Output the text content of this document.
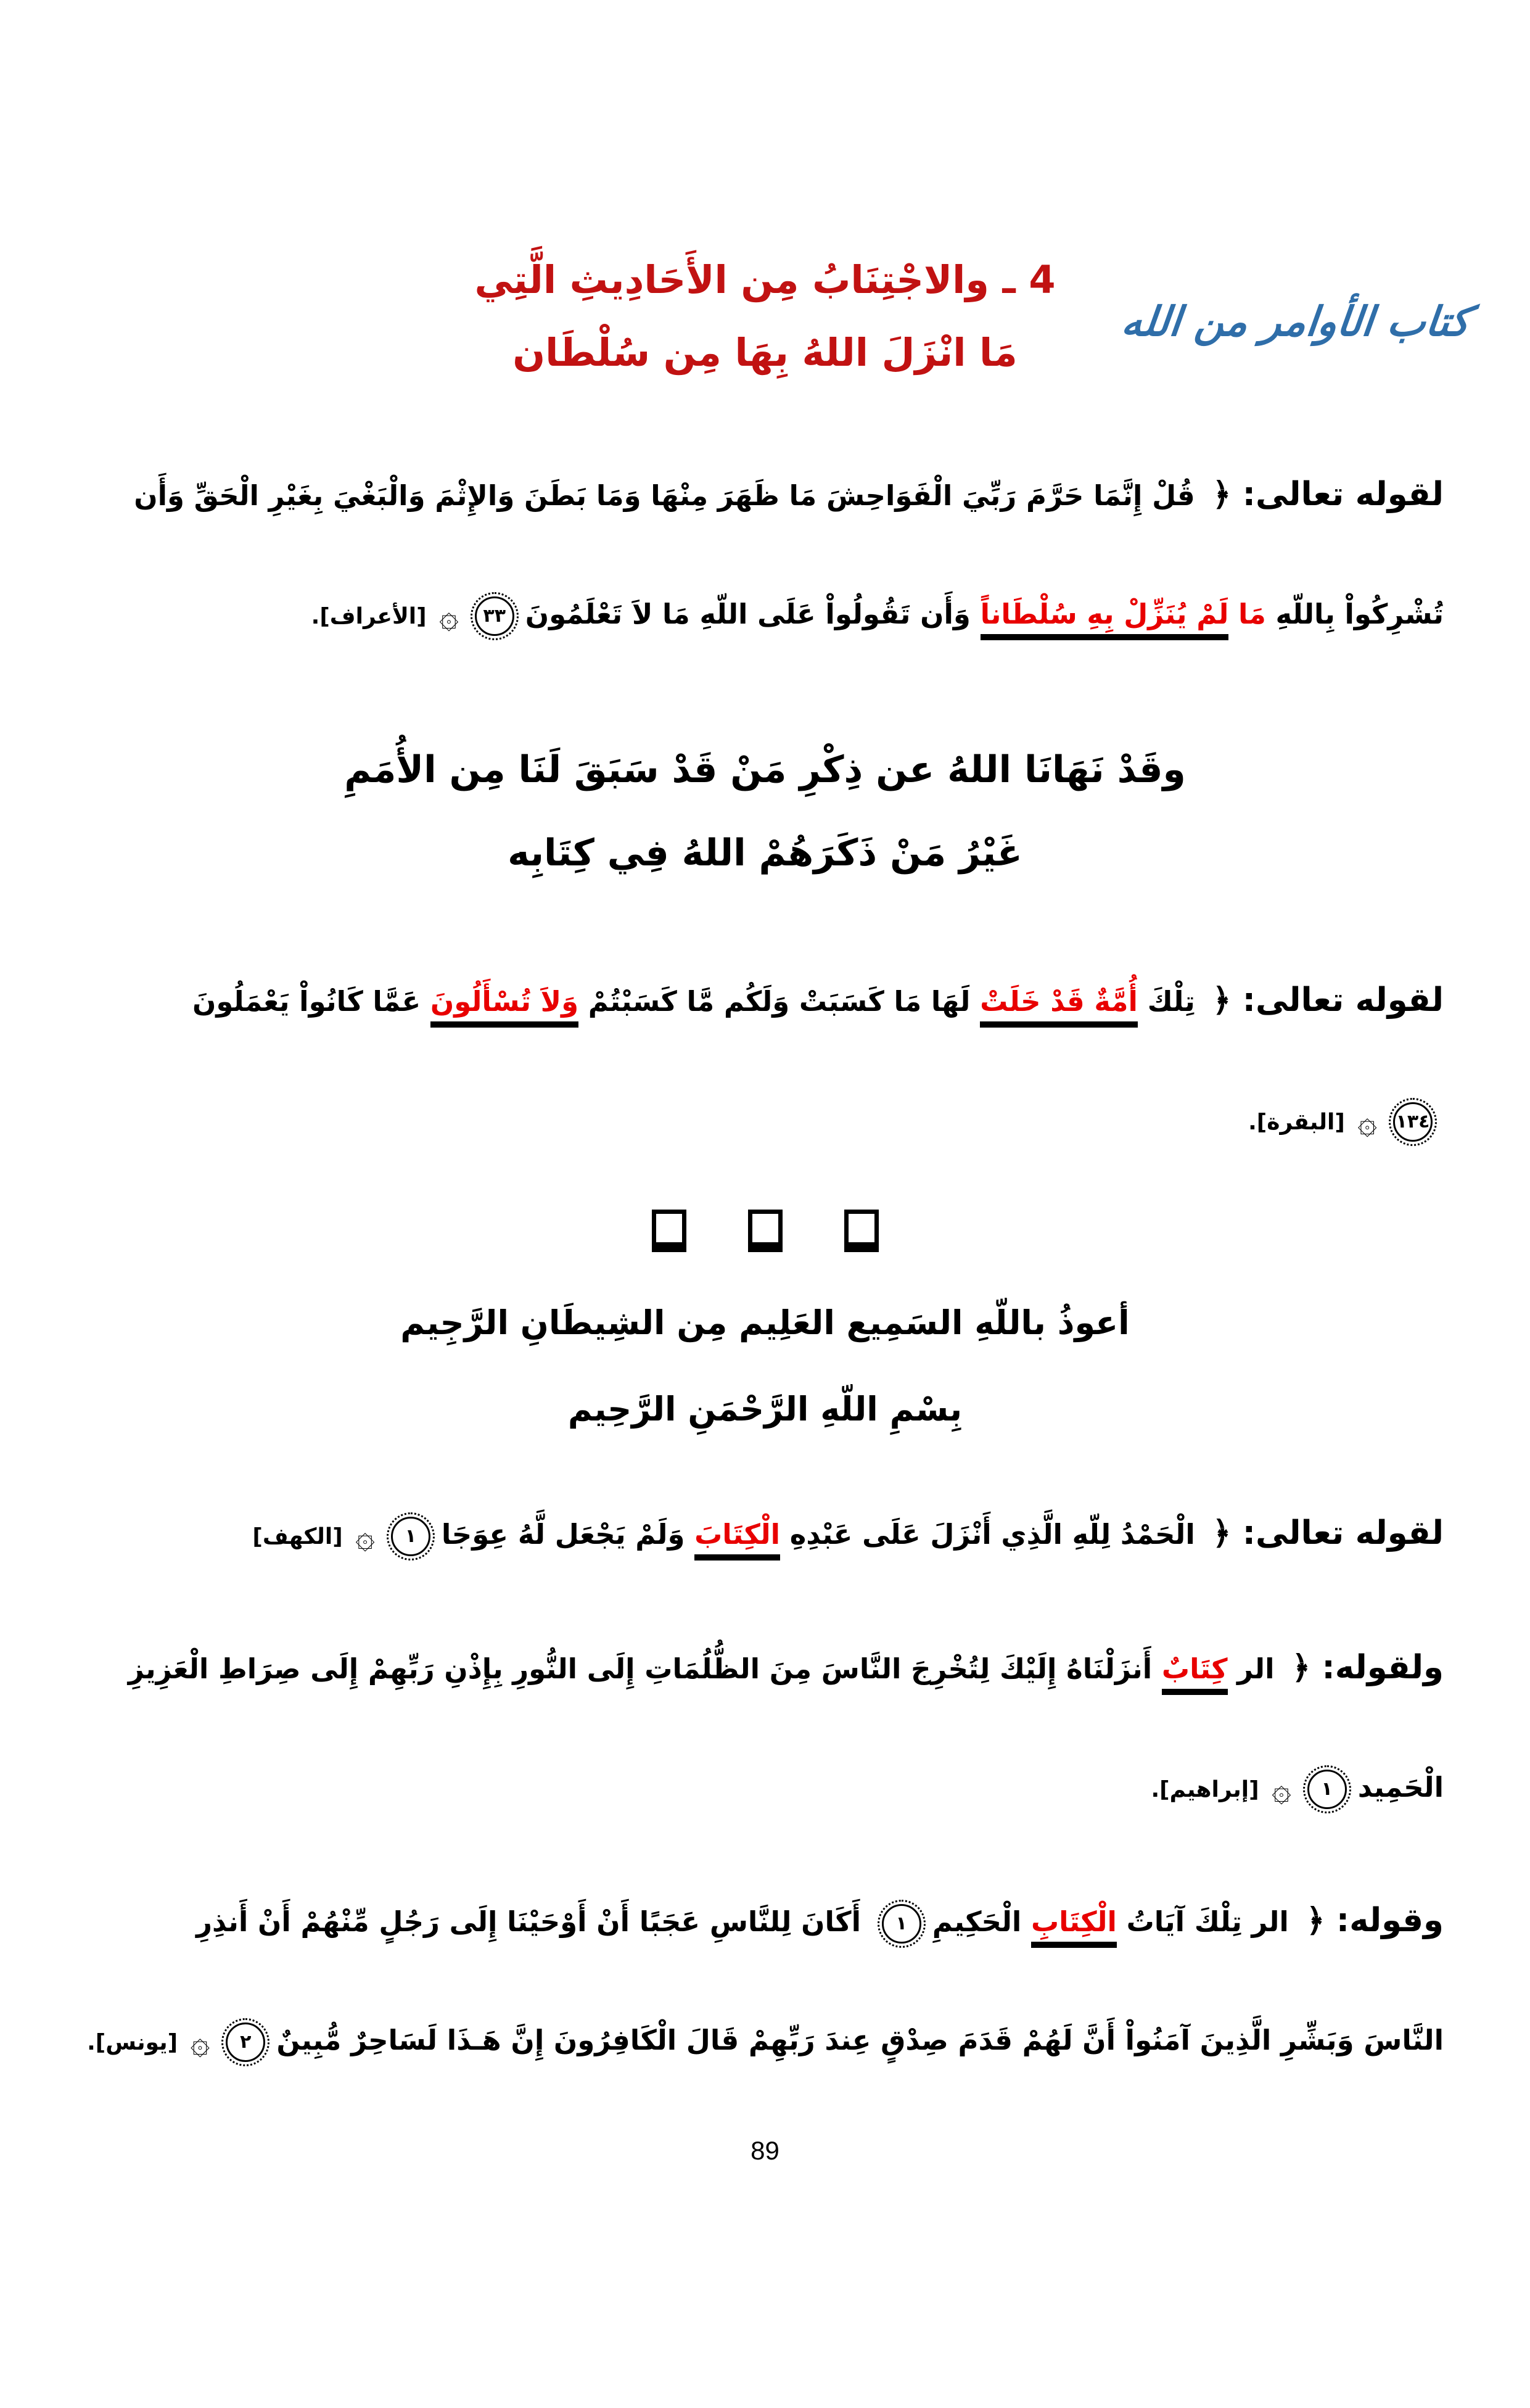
كتاب الأوامر من الله
4 ـ والاجْتِنَابُ مِن الأَحَادِيثِ الَّتِي
مَا انْزَلَ اللهُ بِهَا مِن سُلْطَان
لقوله تعالى: ﴿ قُلْ إِنَّمَا حَرَّمَ رَبِّيَ الْفَوَاحِشَ مَا ظَهَرَ مِنْهَا وَمَا بَطَنَ وَالإِثْمَ وَالْبَغْيَ بِغَيْرِ الْحَقِّ وَأَن
تُشْرِكُواْ بِاللّهِ مَا لَمْ يُنَزِّلْ بِهِ سُلْطَاناً وَأَن تَقُولُواْ عَلَى اللّهِ مَا لاَ تَعْلَمُونَ٣٣۞ [الأعراف].
وقَدْ نَهَانَا اللهُ عن ذِكْرِ مَنْ قَدْ سَبَقَ لَنَا مِن الأُمَمِ
غَيْرُ مَنْ ذَكَرَهُمْ اللهُ فِي كِتَابِه
لقوله تعالى: ﴿ تِلْكَ أُمَّةٌ قَدْ خَلَتْ لَهَا مَا كَسَبَتْ وَلَكُم مَّا كَسَبْتُمْ وَلاَ تُسْأَلُونَ عَمَّا كَانُواْ يَعْمَلُونَ
١٣٤۞ [البقرة].
أعوذُ باللّهِ السَمِيع العَلِيم مِن الشِيطَانِ الرَّجِيم
بِسْمِ اللّهِ الرَّحْمَنِ الرَّحِيم
لقوله تعالى: ﴿ الْحَمْدُ لِلّهِ الَّذِي أَنْزَلَ عَلَى عَبْدِهِ الْكِتَابَ وَلَمْ يَجْعَل لَّهُ عِوَجَا١۞ [الكهف]
ولقوله: ﴿ الر كِتَابٌ أَنزَلْنَاهُ إِلَيْكَ لِتُخْرِجَ النَّاسَ مِنَ الظُّلُمَاتِ إِلَى النُّورِ بِإِذْنِ رَبِّهِمْ إِلَى صِرَاطِ الْعَزِيزِ
الْحَمِيد١۞ [إبراهيم].
وقوله: ﴿ الر تِلْكَ آيَاتُ الْكِتَابِ الْحَكِيمِ١ أَكَانَ لِلنَّاسِ عَجَبًا أَنْ أَوْحَيْنَا إِلَى رَجُلٍ مِّنْهُمْ أَنْ أَنذِرِ
النَّاسَ وَبَشِّرِ الَّذِينَ آمَنُواْ أَنَّ لَهُمْ قَدَمَ صِدْقٍ عِندَ رَبِّهِمْ قَالَ الْكَافِرُونَ إِنَّ هَـذَا لَسَاحِرٌ مُّبِينٌ٢۞ [يونس].
89
